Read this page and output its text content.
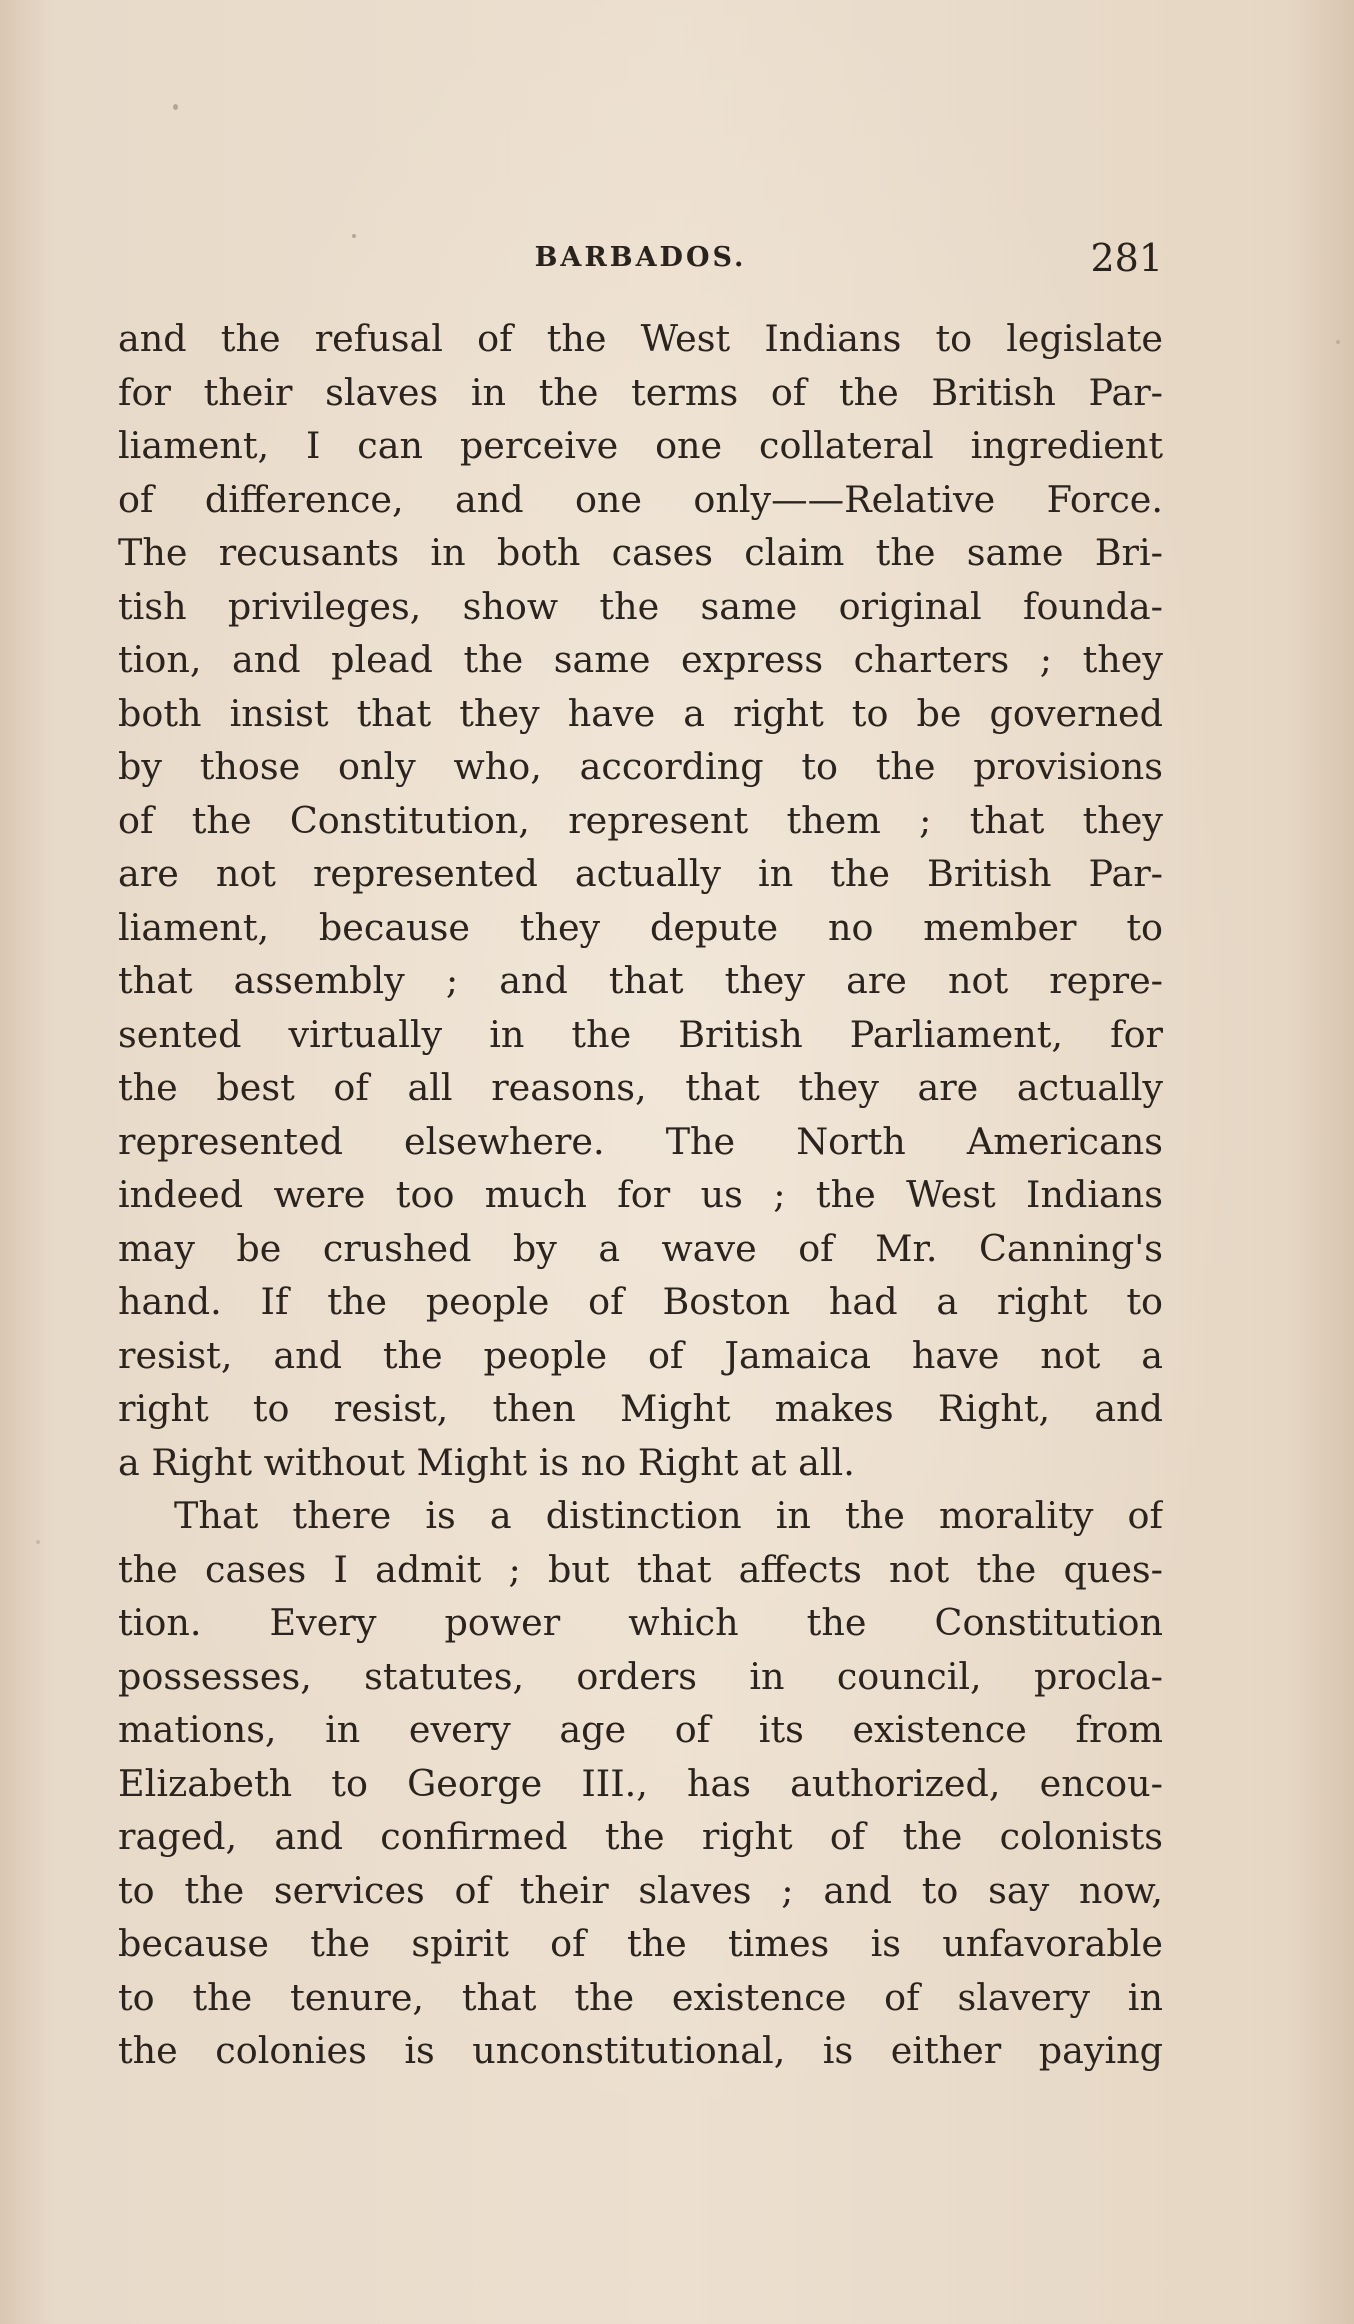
BARBADOS.	281
and the refusal of the West Indians to legislate
for their slaves in the terms of the British Par-
liament, I can perceive one collateral ingredient
of difference, and one only——Relative Force.
The recusants in both cases claim the same Bri-
tish privileges, show the same original founda-
tion, and plead the same express charters ; they
both insist that they have a right to be governed
by those only who, according to the provisions
of the Constitution, represent them ; that they
are not represented actually in the British Par-
liament, because they depute no member to
that assembly ; and that they are not repre-
sented virtually in the British Parliament, for
the best of all reasons, that they are actually
represented elsewhere. The North Americans
indeed were too much for us ; the West Indians
may be crushed by a wave of Mr. Canning's
hand. If the people of Boston had a right to
resist, and the people of Jamaica have not a
right to resist, then Might makes Right, and
a Right without Might is no Right at all.
That there is a distinction in the morality of
the cases I admit ; but that affects not the ques-
tion. Every power which the Constitution
possesses, statutes, orders in council, procla-
mations, in every age of its existence from
Elizabeth to George III., has authorized, encou-
raged, and confirmed the right of the colonists
to the services of their slaves ; and to say now,
because the spirit of the times is unfavorable
to the tenure, that the existence of slavery in
the colonies is unconstitutional, is either paying
